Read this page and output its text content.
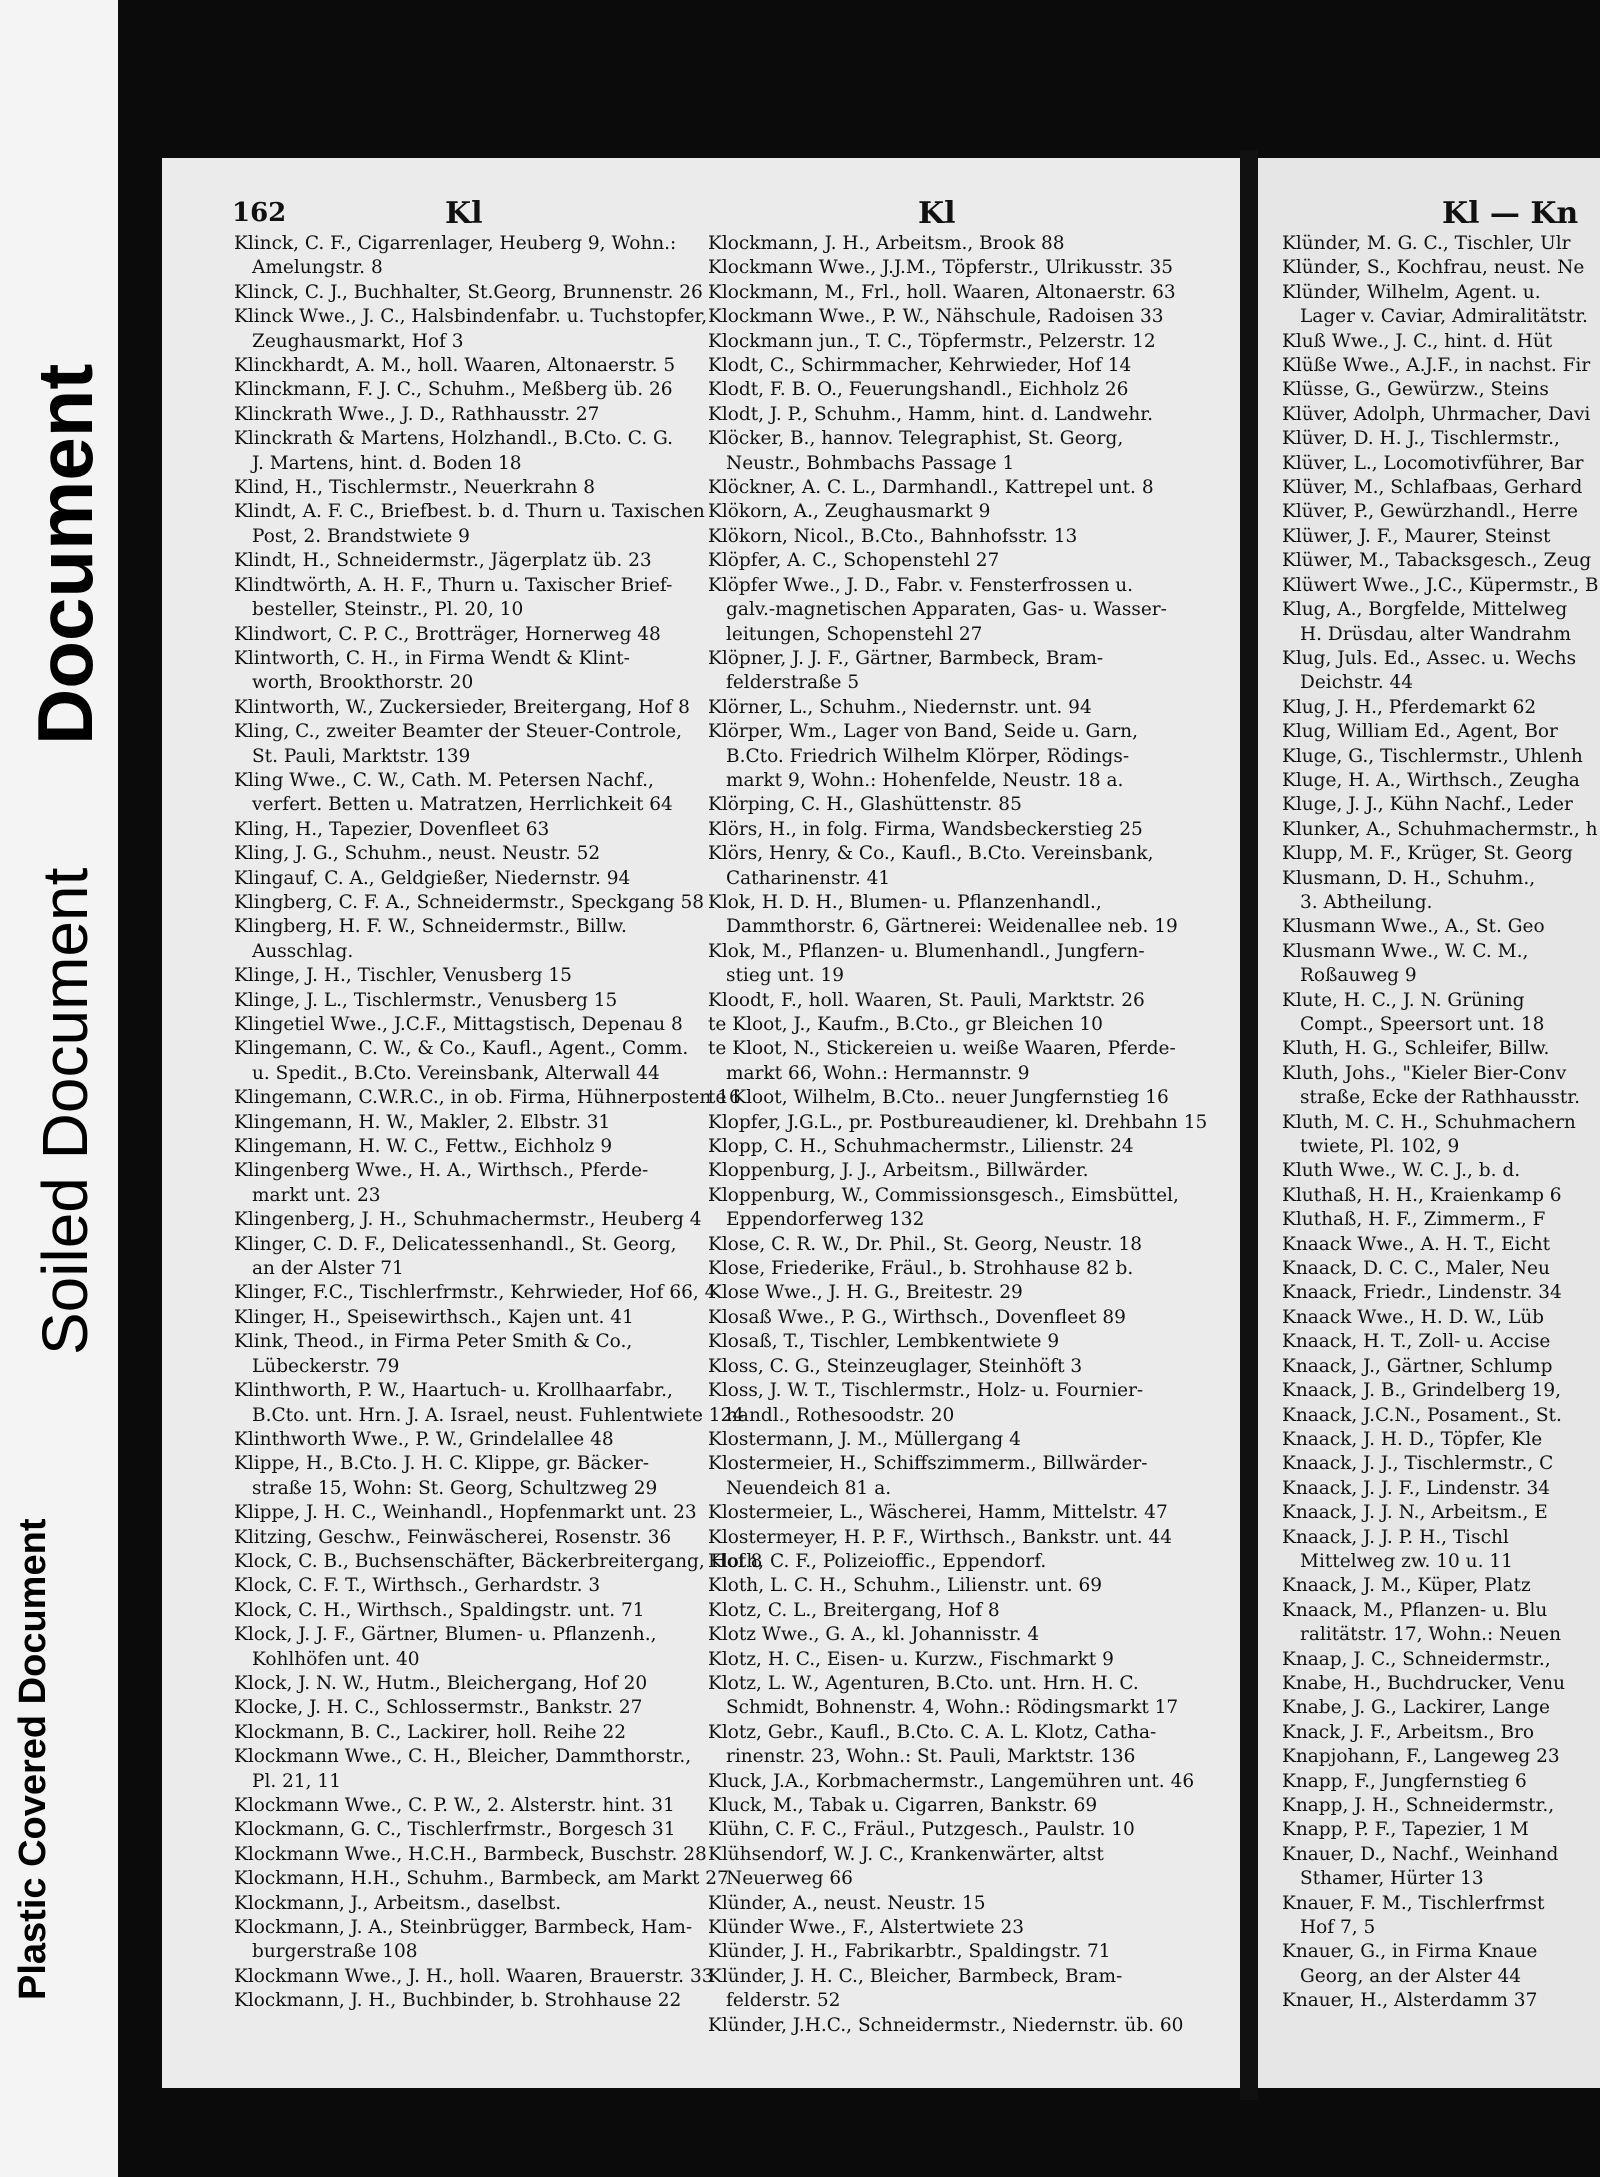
Plastic Covered Document
Soiled Document
Document
162	Kl	Kl	Kl — Kn
Klinck, C. F., Cigarrenlager, Heuberg 9, Wohn.:
Amelungstr. 8
Klinck, C. J., Buchhalter, St.Georg, Brunnenstr. 26
Klinck Wwe., J. C., Halsbindenfabr. u. Tuchstopfer,
Zeughausmarkt, Hof 3
Klinckhardt, A. M., holl. Waaren, Altonaerstr. 5
Klinckmann, F. J. C., Schuhm., Meßberg üb. 26
Klinckrath Wwe., J. D., Rathhausstr. 27
Klinckrath & Martens, Holzhandl., B.Cto. C. G.
J. Martens, hint. d. Boden 18
Klind, H., Tischlermstr., Neuerkrahn 8
Klindt, A. F. C., Briefbest. b. d. Thurn u. Taxischen
Post, 2. Brandstwiete 9
Klindt, H., Schneidermstr., Jägerplatz üb. 23
Klindtwörth, A. H. F., Thurn u. Taxischer Brief-
besteller, Steinstr., Pl. 20, 10
Klindwort, C. P. C., Brotträger, Hornerweg 48
Klintworth, C. H., in Firma Wendt & Klint-
worth, Brookthorstr. 20
Klintworth, W., Zuckersieder, Breitergang, Hof 8
Kling, C., zweiter Beamter der Steuer-Controle,
St. Pauli, Marktstr. 139
Kling Wwe., C. W., Cath. M. Petersen Nachf.,
verfert. Betten u. Matratzen, Herrlichkeit 64
Kling, H., Tapezier, Dovenfleet 63
Kling, J. G., Schuhm., neust. Neustr. 52
Klingauf, C. A., Geldgießer, Niedernstr. 94
Klingberg, C. F. A., Schneidermstr., Speckgang 58
Klingberg, H. F. W., Schneidermstr., Billw.
Ausschlag.
Klinge, J. H., Tischler, Venusberg 15
Klinge, J. L., Tischlermstr., Venusberg 15
Klingetiel Wwe., J.C.F., Mittagstisch, Depenau 8
Klingemann, C. W., & Co., Kaufl., Agent., Comm.
u. Spedit., B.Cto. Vereinsbank, Alterwall 44
Klingemann, C.W.R.C., in ob. Firma, Hühnerposten 16
Klingemann, H. W., Makler, 2. Elbstr. 31
Klingemann, H. W. C., Fettw., Eichholz 9
Klingenberg Wwe., H. A., Wirthsch., Pferde-
markt unt. 23
Klingenberg, J. H., Schuhmachermstr., Heuberg 4
Klinger, C. D. F., Delicatessenhandl., St. Georg,
an der Alster 71
Klinger, F.C., Tischlerfrmstr., Kehrwieder, Hof 66, 4
Klinger, H., Speisewirthsch., Kajen unt. 41
Klink, Theod., in Firma Peter Smith & Co.,
Lübeckerstr. 79
Klinthworth, P. W., Haartuch- u. Krollhaarfabr.,
B.Cto. unt. Hrn. J. A. Israel, neust. Fuhlentwiete 124
Klinthworth Wwe., P. W., Grindelallee 48
Klippe, H., B.Cto. J. H. C. Klippe, gr. Bäcker-
straße 15, Wohn: St. Georg, Schultzweg 29
Klippe, J. H. C., Weinhandl., Hopfenmarkt unt. 23
Klitzing, Geschw., Feinwäscherei, Rosenstr. 36
Klock, C. B., Buchsenschäfter, Bäckerbreitergang, Hof 8
Klock, C. F. T., Wirthsch., Gerhardstr. 3
Klock, C. H., Wirthsch., Spaldingstr. unt. 71
Klock, J. J. F., Gärtner, Blumen- u. Pflanzenh.,
Kohlhöfen unt. 40
Klock, J. N. W., Hutm., Bleichergang, Hof 20
Klocke, J. H. C., Schlossermstr., Bankstr. 27
Klockmann, B. C., Lackirer, holl. Reihe 22
Klockmann Wwe., C. H., Bleicher, Dammthorstr.,
Pl. 21, 11
Klockmann Wwe., C. P. W., 2. Alsterstr. hint. 31
Klockmann, G. C., Tischlerfrmstr., Borgesch 31
Klockmann Wwe., H.C.H., Barmbeck, Buschstr. 28
Klockmann, H.H., Schuhm., Barmbeck, am Markt 27
Klockmann, J., Arbeitsm., daselbst.
Klockmann, J. A., Steinbrügger, Barmbeck, Ham-
burgerstraße 108
Klockmann Wwe., J. H., holl. Waaren, Brauerstr. 33
Klockmann, J. H., Buchbinder, b. Strohhause 22
Klockmann, J. H., Arbeitsm., Brook 88
Klockmann Wwe., J.J.M., Töpferstr., Ulrikusstr. 35
Klockmann, M., Frl., holl. Waaren, Altonaerstr. 63
Klockmann Wwe., P. W., Nähschule, Radoisen 33
Klockmann jun., T. C., Töpfermstr., Pelzerstr. 12
Klodt, C., Schirmmacher, Kehrwieder, Hof 14
Klodt, F. B. O., Feuerungshandl., Eichholz 26
Klodt, J. P., Schuhm., Hamm, hint. d. Landwehr.
Klöcker, B., hannov. Telegraphist, St. Georg,
Neustr., Bohmbachs Passage 1
Klöckner, A. C. L., Darmhandl., Kattrepel unt. 8
Klökorn, A., Zeughausmarkt 9
Klökorn, Nicol., B.Cto., Bahnhofsstr. 13
Klöpfer, A. C., Schopenstehl 27
Klöpfer Wwe., J. D., Fabr. v. Fensterfrossen u.
galv.-magnetischen Apparaten, Gas- u. Wasser-
leitungen, Schopenstehl 27
Klöpner, J. J. F., Gärtner, Barmbeck, Bram-
felderstraße 5
Klörner, L., Schuhm., Niedernstr. unt. 94
Klörper, Wm., Lager von Band, Seide u. Garn,
B.Cto. Friedrich Wilhelm Klörper, Rödings-
markt 9, Wohn.: Hohenfelde, Neustr. 18 a.
Klörping, C. H., Glashüttenstr. 85
Klörs, H., in folg. Firma, Wandsbeckerstieg 25
Klörs, Henry, & Co., Kaufl., B.Cto. Vereinsbank,
Catharinenstr. 41
Klok, H. D. H., Blumen- u. Pflanzenhandl.,
Dammthorstr. 6, Gärtnerei: Weidenallee neb. 19
Klok, M., Pflanzen- u. Blumenhandl., Jungfern-
stieg unt. 19
Kloodt, F., holl. Waaren, St. Pauli, Marktstr. 26
te Kloot, J., Kaufm., B.Cto., gr Bleichen 10
te Kloot, N., Stickereien u. weiße Waaren, Pferde-
markt 66, Wohn.: Hermannstr. 9
te Kloot, Wilhelm, B.Cto.. neuer Jungfernstieg 16
Klopfer, J.G.L., pr. Postbureaudiener, kl. Drehbahn 15
Klopp, C. H., Schuhmachermstr., Lilienstr. 24
Kloppenburg, J. J., Arbeitsm., Billwärder.
Kloppenburg, W., Commissionsgesch., Eimsbüttel,
Eppendorferweg 132
Klose, C. R. W., Dr. Phil., St. Georg, Neustr. 18
Klose, Friederike, Fräul., b. Strohhause 82 b.
Klose Wwe., J. H. G., Breitestr. 29
Klosaß Wwe., P. G., Wirthsch., Dovenfleet 89
Klosaß, T., Tischler, Lembkentwiete 9
Kloss, C. G., Steinzeuglager, Steinhöft 3
Kloss, J. W. T., Tischlermstr., Holz- u. Fournier-
handl., Rothesoodstr. 20
Klostermann, J. M., Müllergang 4
Klostermeier, H., Schiffszimmerm., Billwärder-
Neuendeich 81 a.
Klostermeier, L., Wäscherei, Hamm, Mittelstr. 47
Klostermeyer, H. P. F., Wirthsch., Bankstr. unt. 44
Kloth, C. F., Polizeioffic., Eppendorf.
Kloth, L. C. H., Schuhm., Lilienstr. unt. 69
Klotz, C. L., Breitergang, Hof 8
Klotz Wwe., G. A., kl. Johannisstr. 4
Klotz, H. C., Eisen- u. Kurzw., Fischmarkt 9
Klotz, L. W., Agenturen, B.Cto. unt. Hrn. H. C.
Schmidt, Bohnenstr. 4, Wohn.: Rödingsmarkt 17
Klotz, Gebr., Kaufl., B.Cto. C. A. L. Klotz, Catha-
rinenstr. 23, Wohn.: St. Pauli, Marktstr. 136
Kluck, J.A., Korbmachermstr., Langemühren unt. 46
Kluck, M., Tabak u. Cigarren, Bankstr. 69
Klühn, C. F. C., Fräul., Putzgesch., Paulstr. 10
Klühsendorf, W. J. C., Krankenwärter, altst
Neuerweg 66
Klünder, A., neust. Neustr. 15
Klünder Wwe., F., Alstertwiete 23
Klünder, J. H., Fabrikarbtr., Spaldingstr. 71
Klünder, J. H. C., Bleicher, Barmbeck, Bram-
felderstr. 52
Klünder, J.H.C., Schneidermstr., Niedernstr. üb. 60
Klünder, M. G. C., Tischler, Ulr
Klünder, S., Kochfrau, neust. Ne
Klünder, Wilhelm, Agent. u.
Lager v. Caviar, Admiralitätstr.
Kluß Wwe., J. C., hint. d. Hüt
Klüße Wwe., A.J.F., in nachst. Fir
Klüsse, G., Gewürzw., Steins
Klüver, Adolph, Uhrmacher, Davi
Klüver, D. H. J., Tischlermstr.,
Klüver, L., Locomotivführer, Bar
Klüver, M., Schlafbaas, Gerhard
Klüver, P., Gewürzhandl., Herre
Klüwer, J. F., Maurer, Steinst
Klüwer, M., Tabacksgesch., Zeug
Klüwert Wwe., J.C., Küpermstr., B
Klug, A., Borgfelde, Mittelweg
H. Drüsdau, alter Wandrahm
Klug, Juls. Ed., Assec. u. Wechs
Deichstr. 44
Klug, J. H., Pferdemarkt 62
Klug, William Ed., Agent, Bor
Kluge, G., Tischlermstr., Uhlenh
Kluge, H. A., Wirthsch., Zeugha
Kluge, J. J., Kühn Nachf., Leder
Klunker, A., Schuhmachermstr., h
Klupp, M. F., Krüger, St. Georg
Klusmann, D. H., Schuhm.,
3. Abtheilung.
Klusmann Wwe., A., St. Geo
Klusmann Wwe., W. C. M.,
Roßauweg 9
Klute, H. C., J. N. Grüning
Compt., Speersort unt. 18
Kluth, H. G., Schleifer, Billw.
Kluth, Johs., "Kieler Bier-Conv
straße, Ecke der Rathhausstr.
Kluth, M. C. H., Schuhmachern
twiete, Pl. 102, 9
Kluth Wwe., W. C. J., b. d.
Kluthaß, H. H., Kraienkamp 6
Kluthaß, H. F., Zimmerm., F
Knaack Wwe., A. H. T., Eicht
Knaack, D. C. C., Maler, Neu
Knaack, Friedr., Lindenstr. 34
Knaack Wwe., H. D. W., Lüb
Knaack, H. T., Zoll- u. Accise
Knaack, J., Gärtner, Schlump
Knaack, J. B., Grindelberg 19,
Knaack, J.C.N., Posament., St.
Knaack, J. H. D., Töpfer, Kle
Knaack, J. J., Tischlermstr., C
Knaack, J. J. F., Lindenstr. 34
Knaack, J. J. N., Arbeitsm., E
Knaack, J. J. P. H., Tischl
Mittelweg zw. 10 u. 11
Knaack, J. M., Küper, Platz
Knaack, M., Pflanzen- u. Blu
ralitätstr. 17, Wohn.: Neuen
Knaap, J. C., Schneidermstr.,
Knabe, H., Buchdrucker, Venu
Knabe, J. G., Lackirer, Lange
Knack, J. F., Arbeitsm., Bro
Knapjohann, F., Langeweg 23
Knapp, F., Jungfernstieg 6
Knapp, J. H., Schneidermstr.,
Knapp, P. F., Tapezier, 1 M
Knauer, D., Nachf., Weinhand
Sthamer, Hürter 13
Knauer, F. M., Tischlerfrmst
Hof 7, 5
Knauer, G., in Firma Knaue
Georg, an der Alster 44
Knauer, H., Alsterdamm 37
